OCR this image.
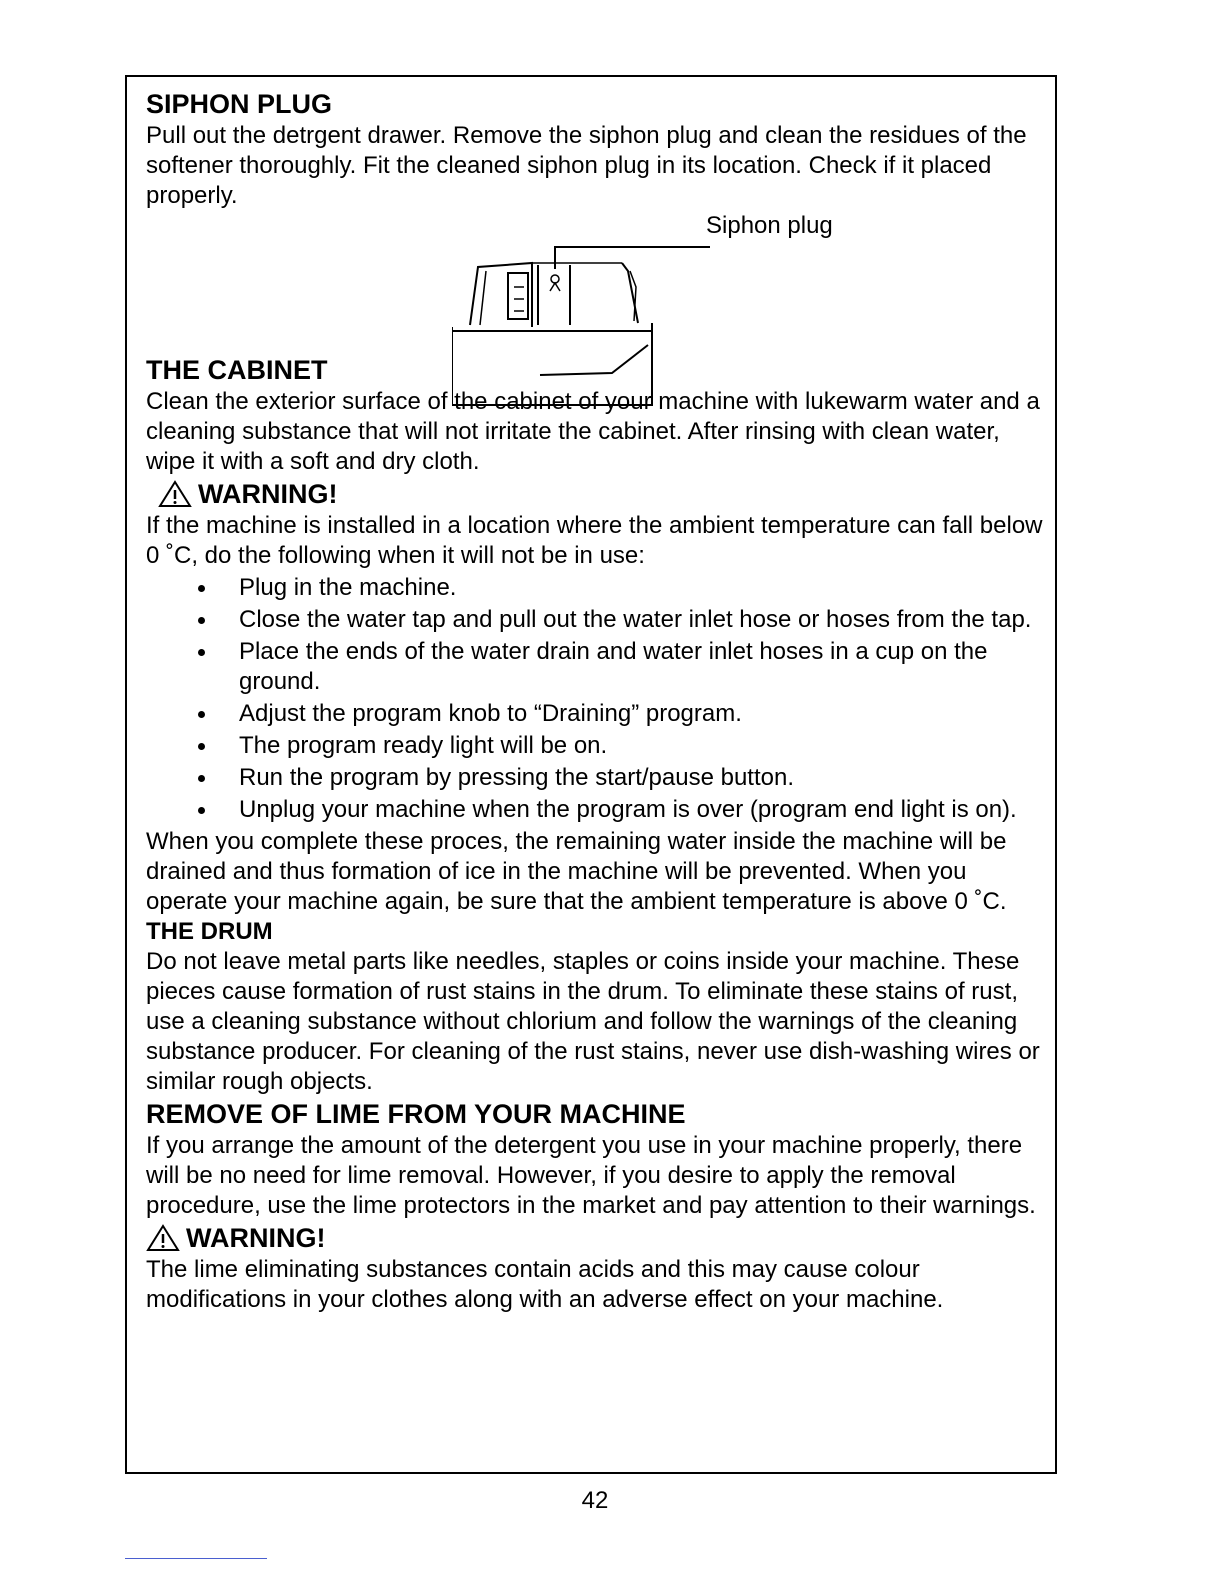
SIPHON PLUG

Pull out the detrgent drawer. Remove the siphon plug and clean the residues of the softener thoroughly. Fit the cleaned siphon plug in its location. Check if it placed properly.

Siphon plug
THE CABINET

Clean the exterior surface of the cabinet of your machine with lukewarm water and a cleaning substance that will not irritate the cabinet. After rinsing with clean water, wipe it with a soft and dry cloth.

WARNING!

If the machine is installed in a location where the ambient temperature can fall below 0 ˚C, do the following when it will not be in use:

Plug in the machine.
Close the water tap and pull out the water inlet hose or hoses from the tap.
Place the ends of the water drain and water inlet hoses in a cup on the ground.
Adjust the program knob to “Draining” program.
The program ready light will be on.
Run the program by pressing the start/pause button.
Unplug your machine when the program is over (program end light is on).

When you complete these proces, the remaining water inside the machine will be drained and thus formation of ice in the machine will be prevented. When you operate your machine again, be sure that the ambient temperature is above 0 ˚C.

THE DRUM

Do not leave metal parts like needles, staples or coins inside your machine. These pieces cause formation of rust stains in the drum. To eliminate these stains of rust, use a cleaning substance without chlorium and follow the warnings of the cleaning substance producer. For cleaning of the rust stains, never use dish-washing wires or similar rough objects.

REMOVE OF LIME FROM YOUR MACHINE

If you arrange the amount of the detergent you use in your machine properly, there will be no need for lime removal. However, if you desire to apply the removal procedure, use the lime protectors in the market and pay attention to their warnings.

WARNING!

The lime eliminating substances contain acids and this may cause colour modifications in your clothes along with an adverse effect on your machine.

42
